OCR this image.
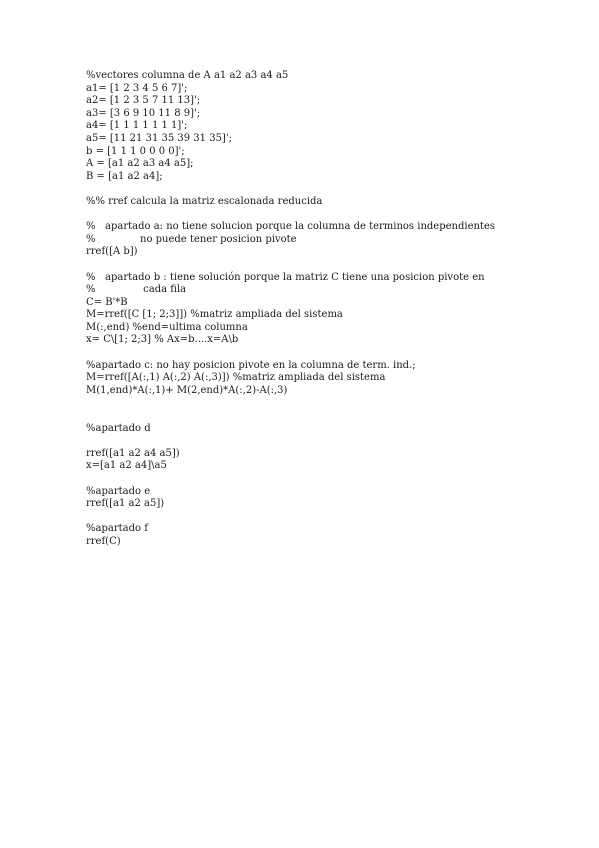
%vectores columna de A a1 a2 a3 a4 a5
a1= [1 2 3 4 5 6 7]';
a2= [1 2 3 5 7 11 13]';
a3= [3 6 9 10 11 8 9]';
a4= [1 1 1 1 1 1 1]';
a5= [11 21 31 35 39 31 35]';
b = [1 1 1 0 0 0 0]';
A = [a1 a2 a3 a4 a5];
B = [a1 a2 a4];
%% rref calcula la matriz escalonada reducida
%   apartado a: no tiene solucion porque la columna de terminos independientes
%              no puede tener posicion pivote
rref([A b])
%   apartado b : tiene solución porque la matriz C tiene una posicion pivote en
%               cada fila
C= B'*B
M=rref([C [1; 2;3]]) %matriz ampliada del sistema
M(:,end) %end=ultima columna
x= C\[1; 2;3] % Ax=b....x=A\b
%apartado c: no hay posicion pivote en la columna de term. ind.;
M=rref([A(:,1) A(:,2) A(:,3)]) %matriz ampliada del sistema
M(1,end)*A(:,1)+ M(2,end)*A(:,2)-A(:,3)
%apartado d
rref([a1 a2 a4 a5])
x=[a1 a2 a4]\a5
%apartado e
rref([a1 a2 a5])
%apartado f
rref(C)
